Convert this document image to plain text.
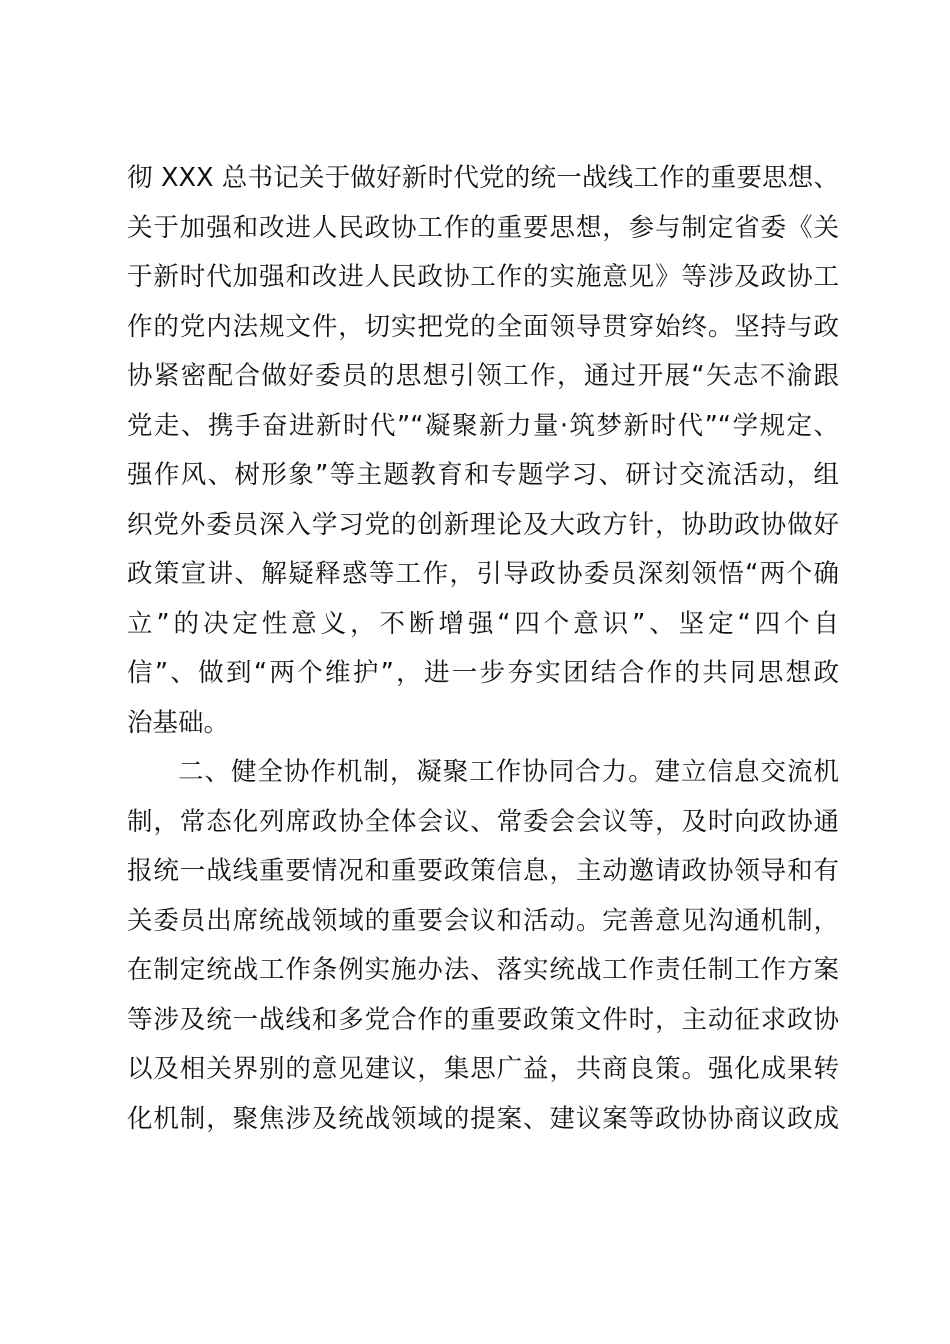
彻 XXX 总书记关于做好新时代党的统一战线工作的重要思想、
关于加强和改进人民政协工作的重要思想，参与制定省委《关
于新时代加强和改进人民政协工作的实施意见》等涉及政协工
作的党内法规文件，切实把党的全面领导贯穿始终。坚持与政
协紧密配合做好委员的思想引领工作，通过开展“矢志不渝跟
党走、携手奋进新时代”“凝聚新力量·筑梦新时代”“学规定、
强作风、树形象”等主题教育和专题学习、研讨交流活动，组
织党外委员深入学习党的创新理论及大政方针，协助政协做好
政策宣讲、解疑释惑等工作，引导政协委员深刻领悟“两个确
立”的决定性意义，不断增强“四个意识”、坚定“四个自
信”、做到“两个维护”，进一步夯实团结合作的共同思想政
治基础。
二、健全协作机制，凝聚工作协同合力。建立信息交流机
制，常态化列席政协全体会议、常委会会议等，及时向政协通
报统一战线重要情况和重要政策信息，主动邀请政协领导和有
关委员出席统战领域的重要会议和活动。完善意见沟通机制，
在制定统战工作条例实施办法、落实统战工作责任制工作方案
等涉及统一战线和多党合作的重要政策文件时，主动征求政协
以及相关界别的意见建议，集思广益，共商良策。强化成果转
化机制，聚焦涉及统战领域的提案、建议案等政协协商议政成
